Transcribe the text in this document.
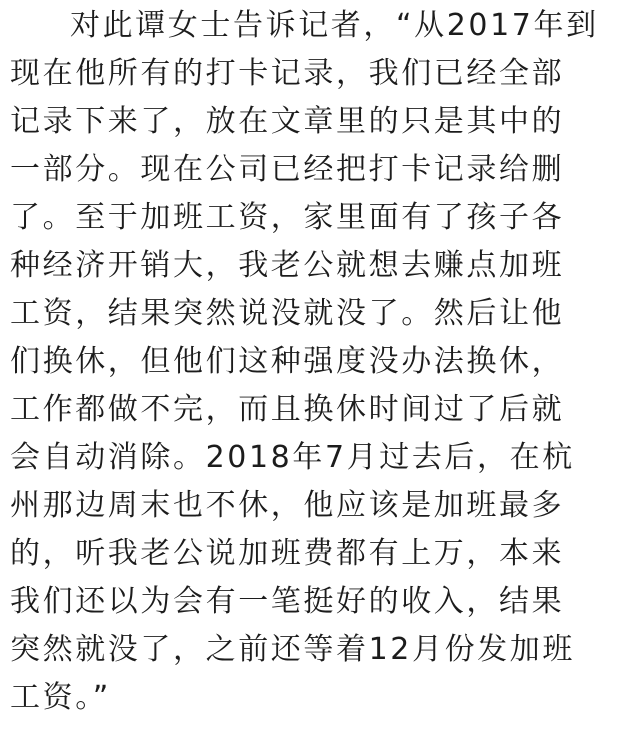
对此谭女士告诉记者，“从2017年到
现在他所有的打卡记录，我们已经全部
记录下来了，放在文章里的只是其中的
一部分。现在公司已经把打卡记录给删
了。至于加班工资，家里面有了孩子各
种经济开销大，我老公就想去赚点加班
工资，结果突然说没就没了。然后让他
们换休，但他们这种强度没办法换休，
工作都做不完，而且换休时间过了后就
会自动消除。2018年7月过去后，在杭
州那边周末也不休，他应该是加班最多
的，听我老公说加班费都有上万，本来
我们还以为会有一笔挺好的收入，结果
突然就没了，之前还等着12月份发加班
工资。”
